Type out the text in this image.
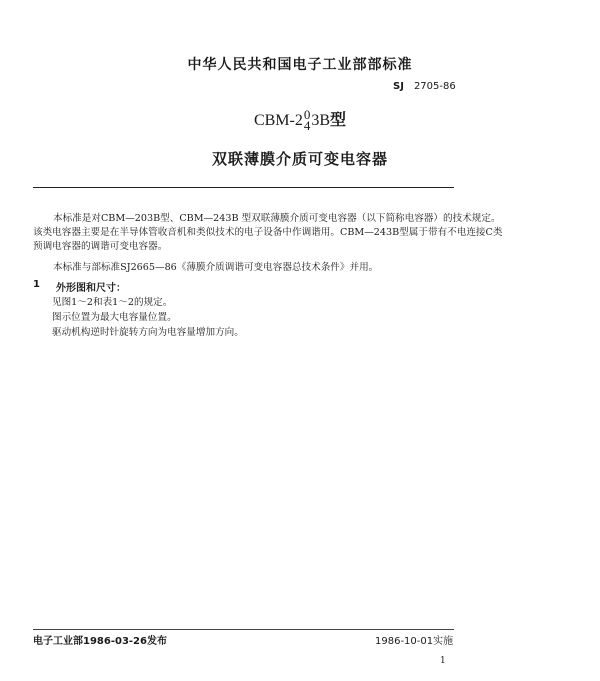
中华人民共和国电子工业部部标准
SJ 2705-86
CBM-2 0
4 3B型
双联薄膜介质可变电容器
本标准是对CBM—203B型、CBM—243B 型双联薄膜介质可变电容器（以下简称电容器）的技术规定。该类电容器主要是在半导体管收音机和类似技术的电子设备中作调谐用。CBM—243B型属于带有不电连接C类预调电容器的调谐可变电容器。
本标准与部标准SJ2665—86《薄膜介质调谐可变电容器总技术条件》并用。
1 外形图和尺寸：
见图1～2和表1～2的规定。
图示位置为最大电容量位置。
驱动机构逆时针旋转方向为电容量增加方向。
电子工业部1986-03-26发布	1986-10-01实施
1
